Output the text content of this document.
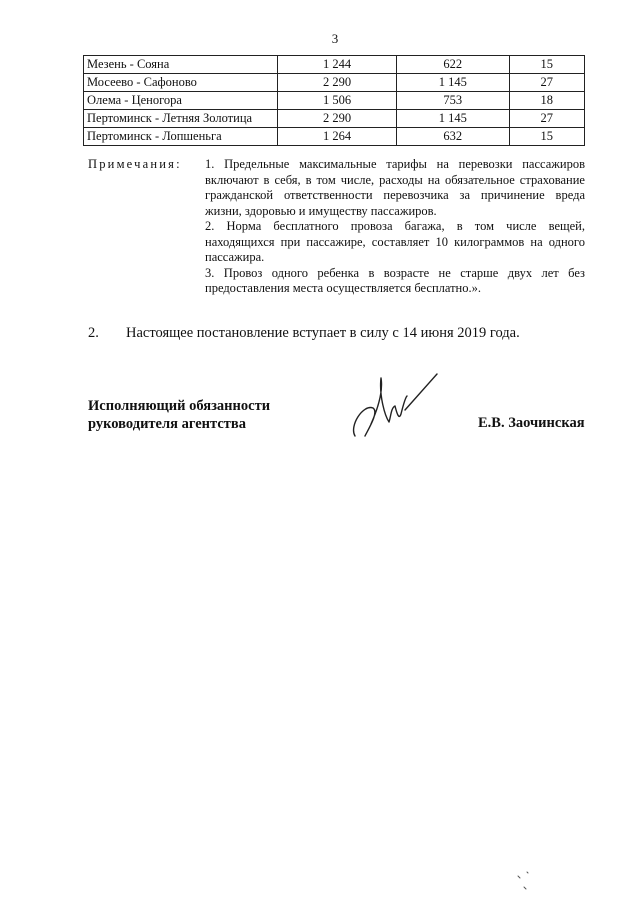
3
Мезень - Сояна	1 244	622	15
Мосеево - Сафоново	2 290	1 145	27
Олема - Ценогора	1 506	753	18
Пертоминск - Летняя Золотица	2 290	1 145	27
Пертоминск - Лопшеньга	1 264	632	15
Примечания: 1. Предельные максимальные тарифы на перевозки пассажиров включают в себя, в том числе, расходы на обязательное страхование гражданской ответственности перевозчика за причинение вреда жизни, здоровью и имуществу пассажиров.

2. Норма бесплатного провоза багажа, в том числе вещей, находящихся при пассажире, составляет 10 килограммов на одного пассажира.

3. Провоз одного ребенка в возрасте не старше двух лет без предоставления места осуществляется бесплатно.».

2. Настоящее постановление вступает в силу с 14 июня 2019 года.
Исполняющий обязанности
руководителя агентства	Е.В. Заочинская
